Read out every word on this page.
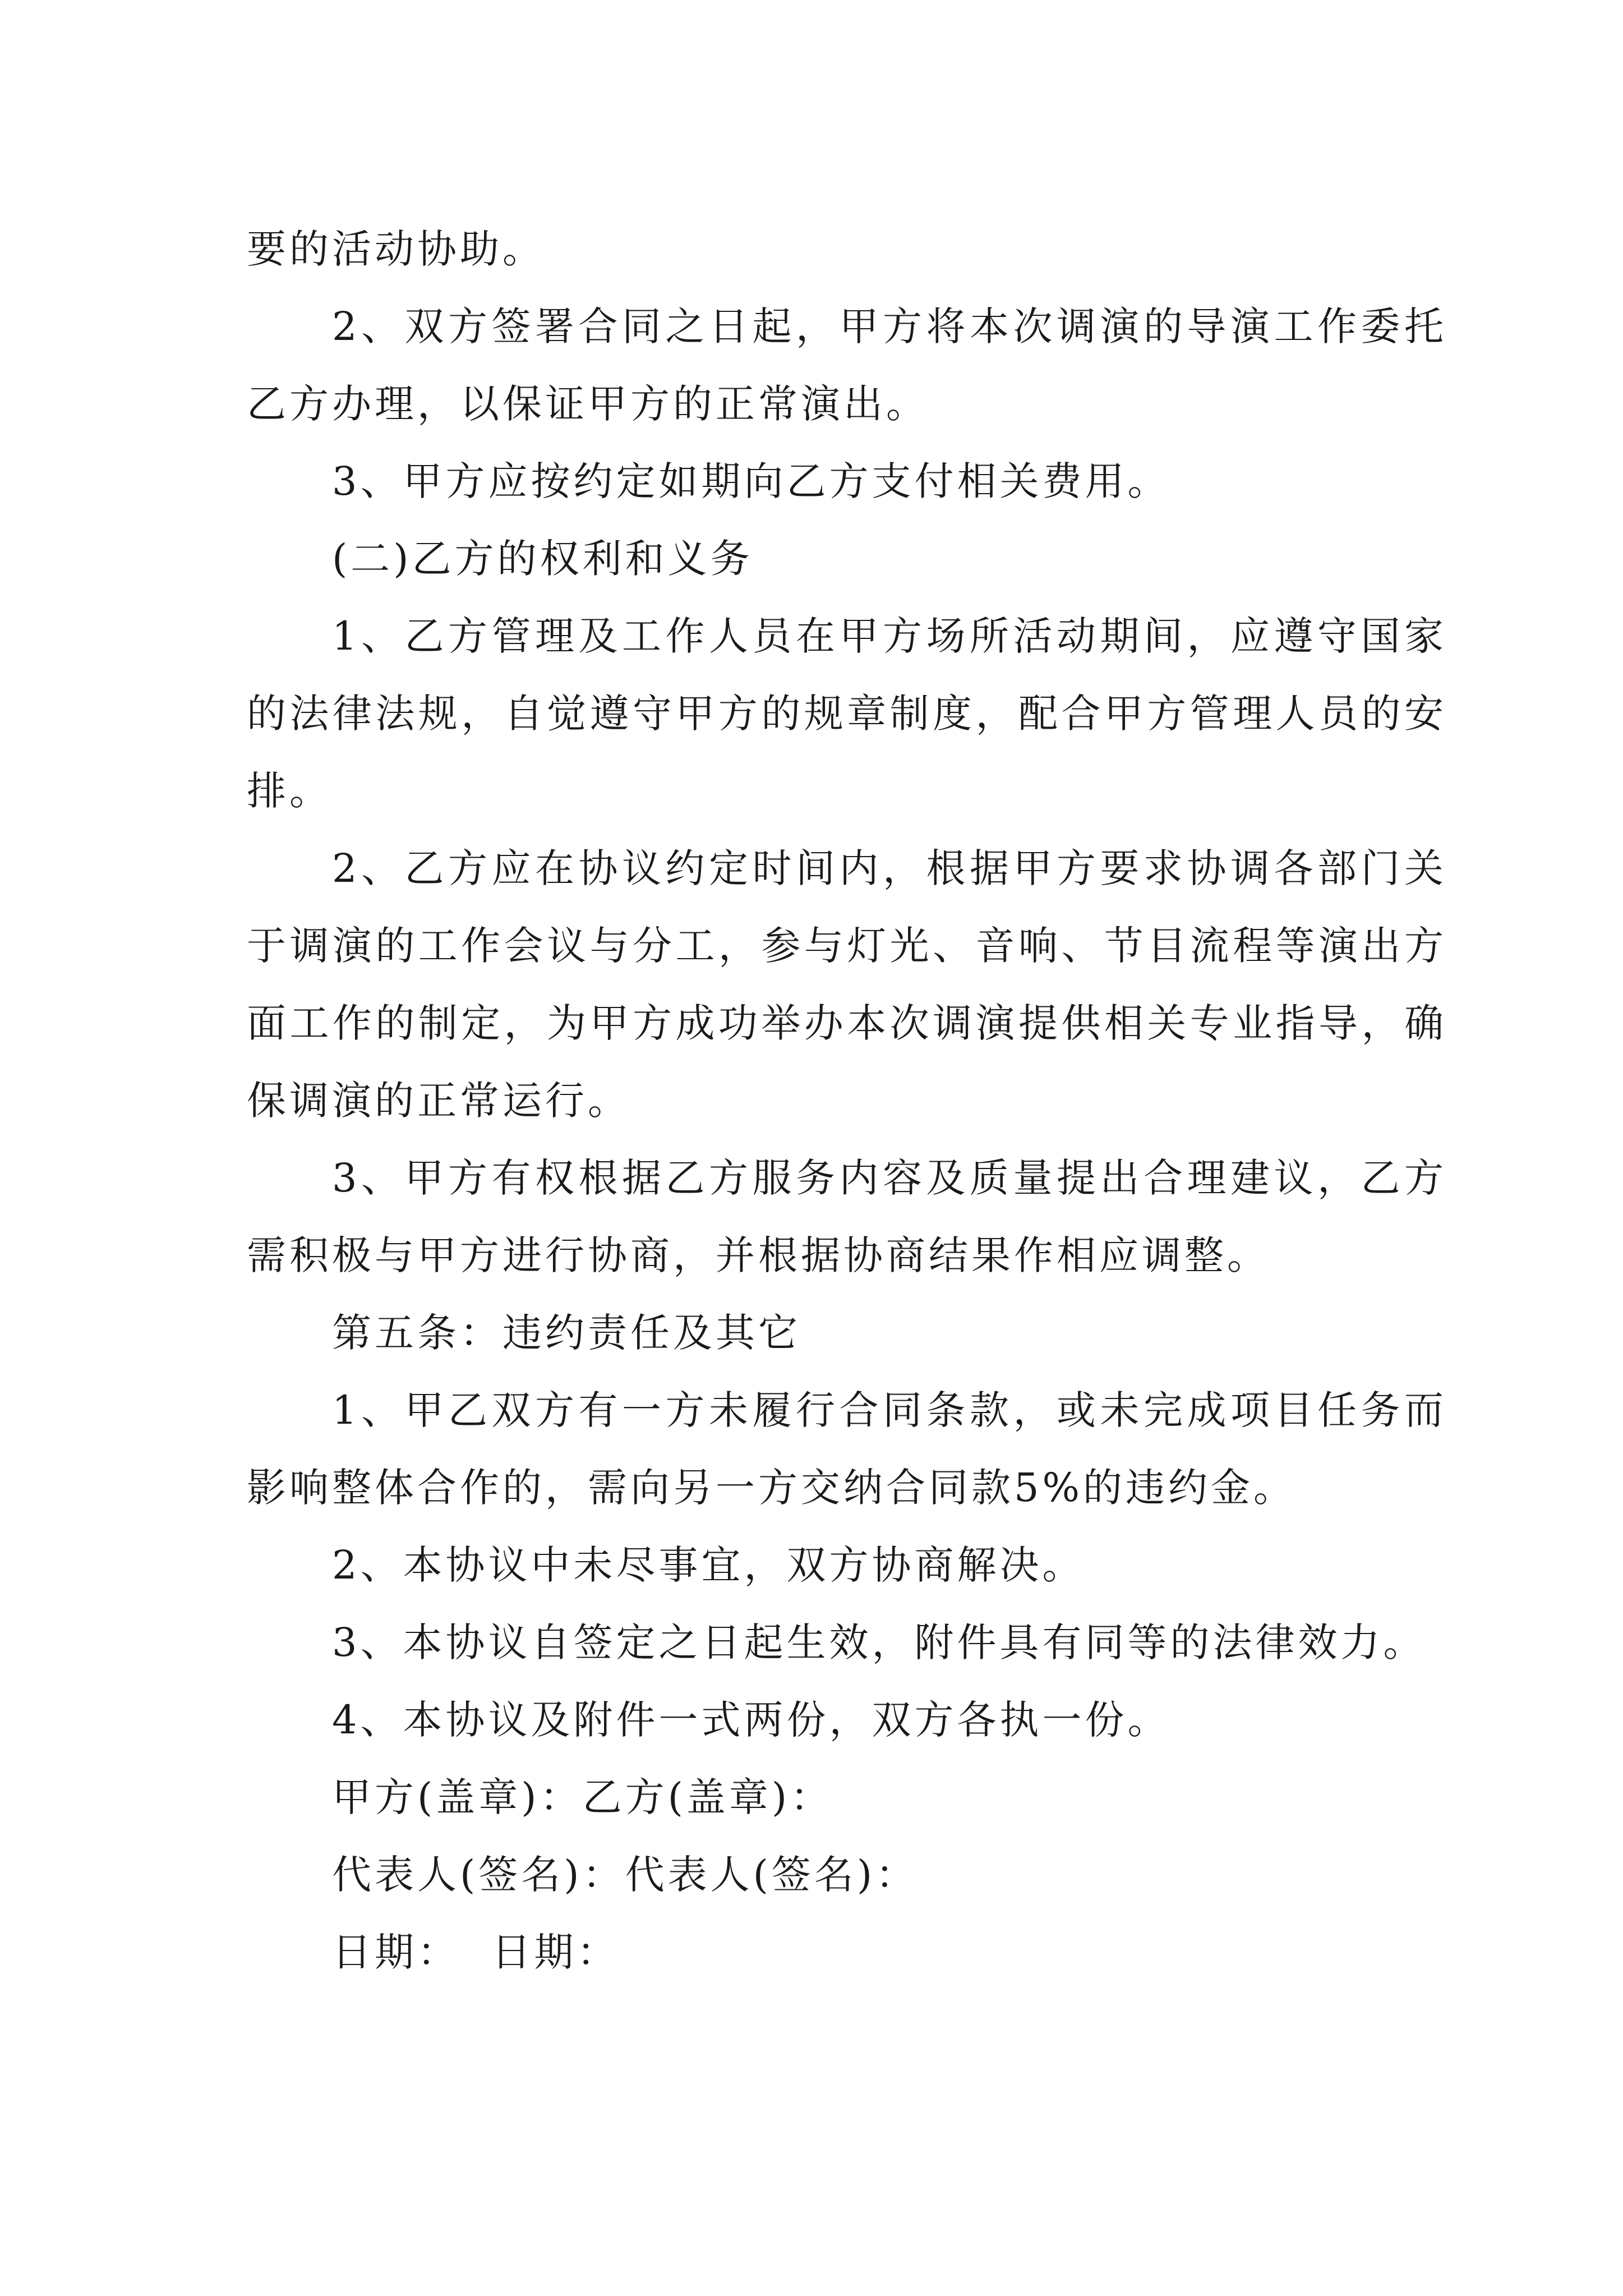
要的活动协助。

2、双方签署合同之日起，甲方将本次调演的导演工作委托乙方办理，以保证甲方的正常演出。

3、甲方应按约定如期向乙方支付相关费用。

(二)乙方的权利和义务

1、乙方管理及工作人员在甲方场所活动期间，应遵守国家的法律法规，自觉遵守甲方的规章制度，配合甲方管理人员的安排。

2、乙方应在协议约定时间内，根据甲方要求协调各部门关于调演的工作会议与分工，参与灯光、音响、节目流程等演出方面工作的制定，为甲方成功举办本次调演提供相关专业指导，确保调演的正常运行。

3、甲方有权根据乙方服务内容及质量提出合理建议，乙方需积极与甲方进行协商，并根据协商结果作相应调整。

第五条：违约责任及其它

1、甲乙双方有一方未履行合同条款，或未完成项目任务而影响整体合作的，需向另一方交纳合同款5%的违约金。

2、本协议中未尽事宜，双方协商解决。

3、本协议自签定之日起生效，附件具有同等的法律效力。

4、本协议及附件一式两份，双方各执一份。

甲方(盖章)：乙方(盖章)：

代表人(签名)：代表人(签名)：

日期：  日期：
